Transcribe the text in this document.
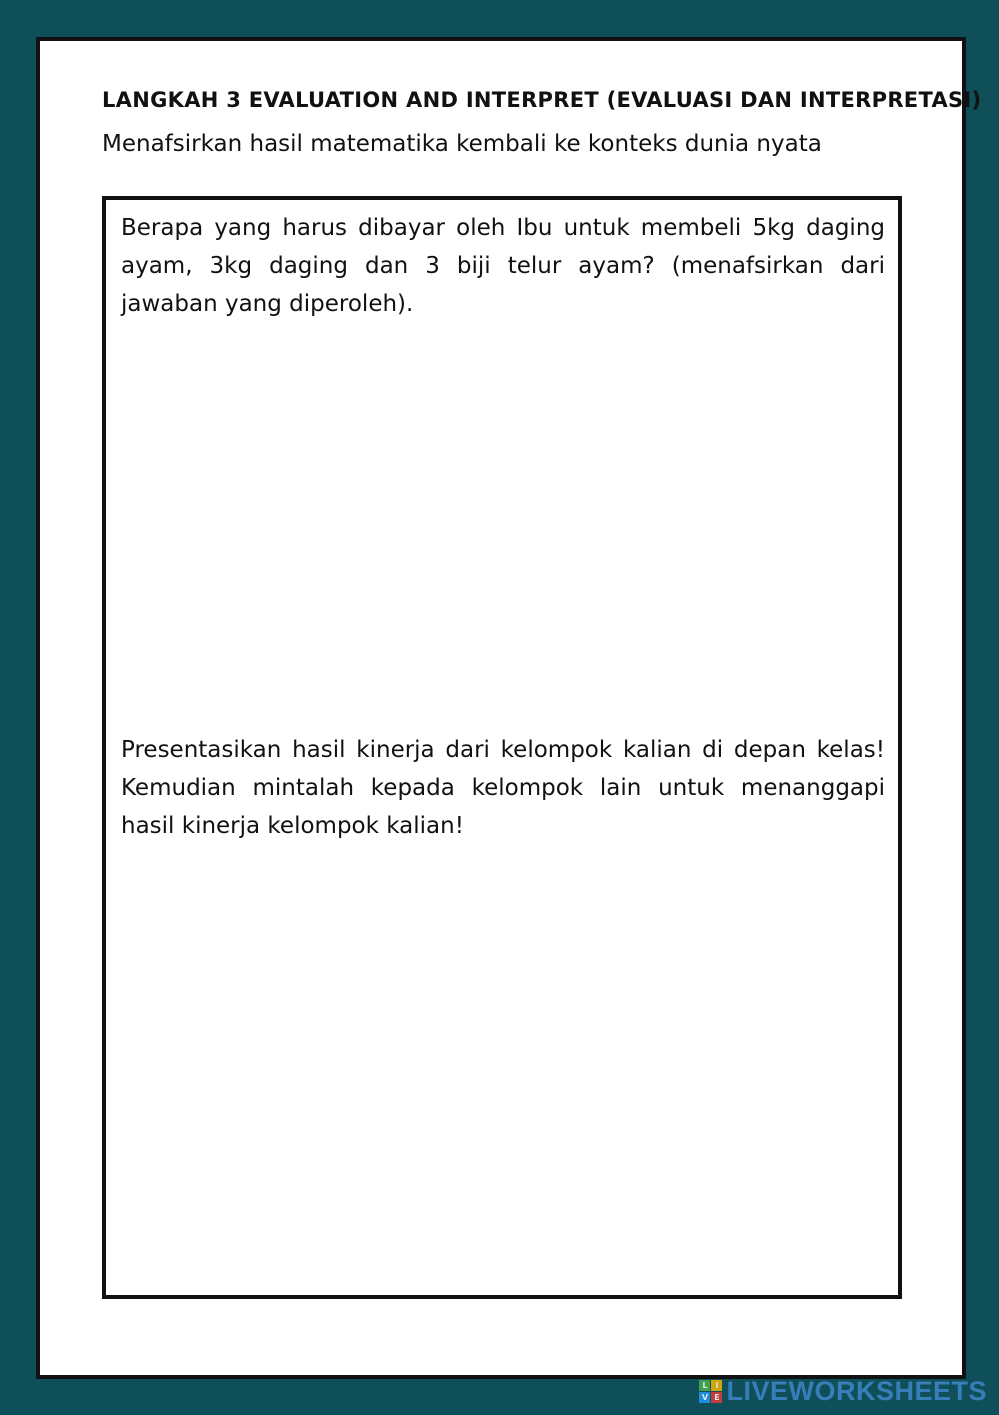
LANGKAH 3 EVALUATION AND INTERPRET (EVALUASI DAN INTERPRETASI)
Menafsirkan hasil matematika kembali ke konteks dunia nyata
Berapa yang harus dibayar oleh Ibu untuk membeli 5kg daging ayam, 3kg daging dan 3 biji telur ayam? (menafsirkan dari jawaban yang diperoleh).
Presentasikan hasil kinerja dari kelompok kalian di depan kelas! Kemudian mintalah kepada kelompok lain untuk menanggapi hasil kinerja kelompok kalian!
L I
V E LIVEWORKSHEETS
